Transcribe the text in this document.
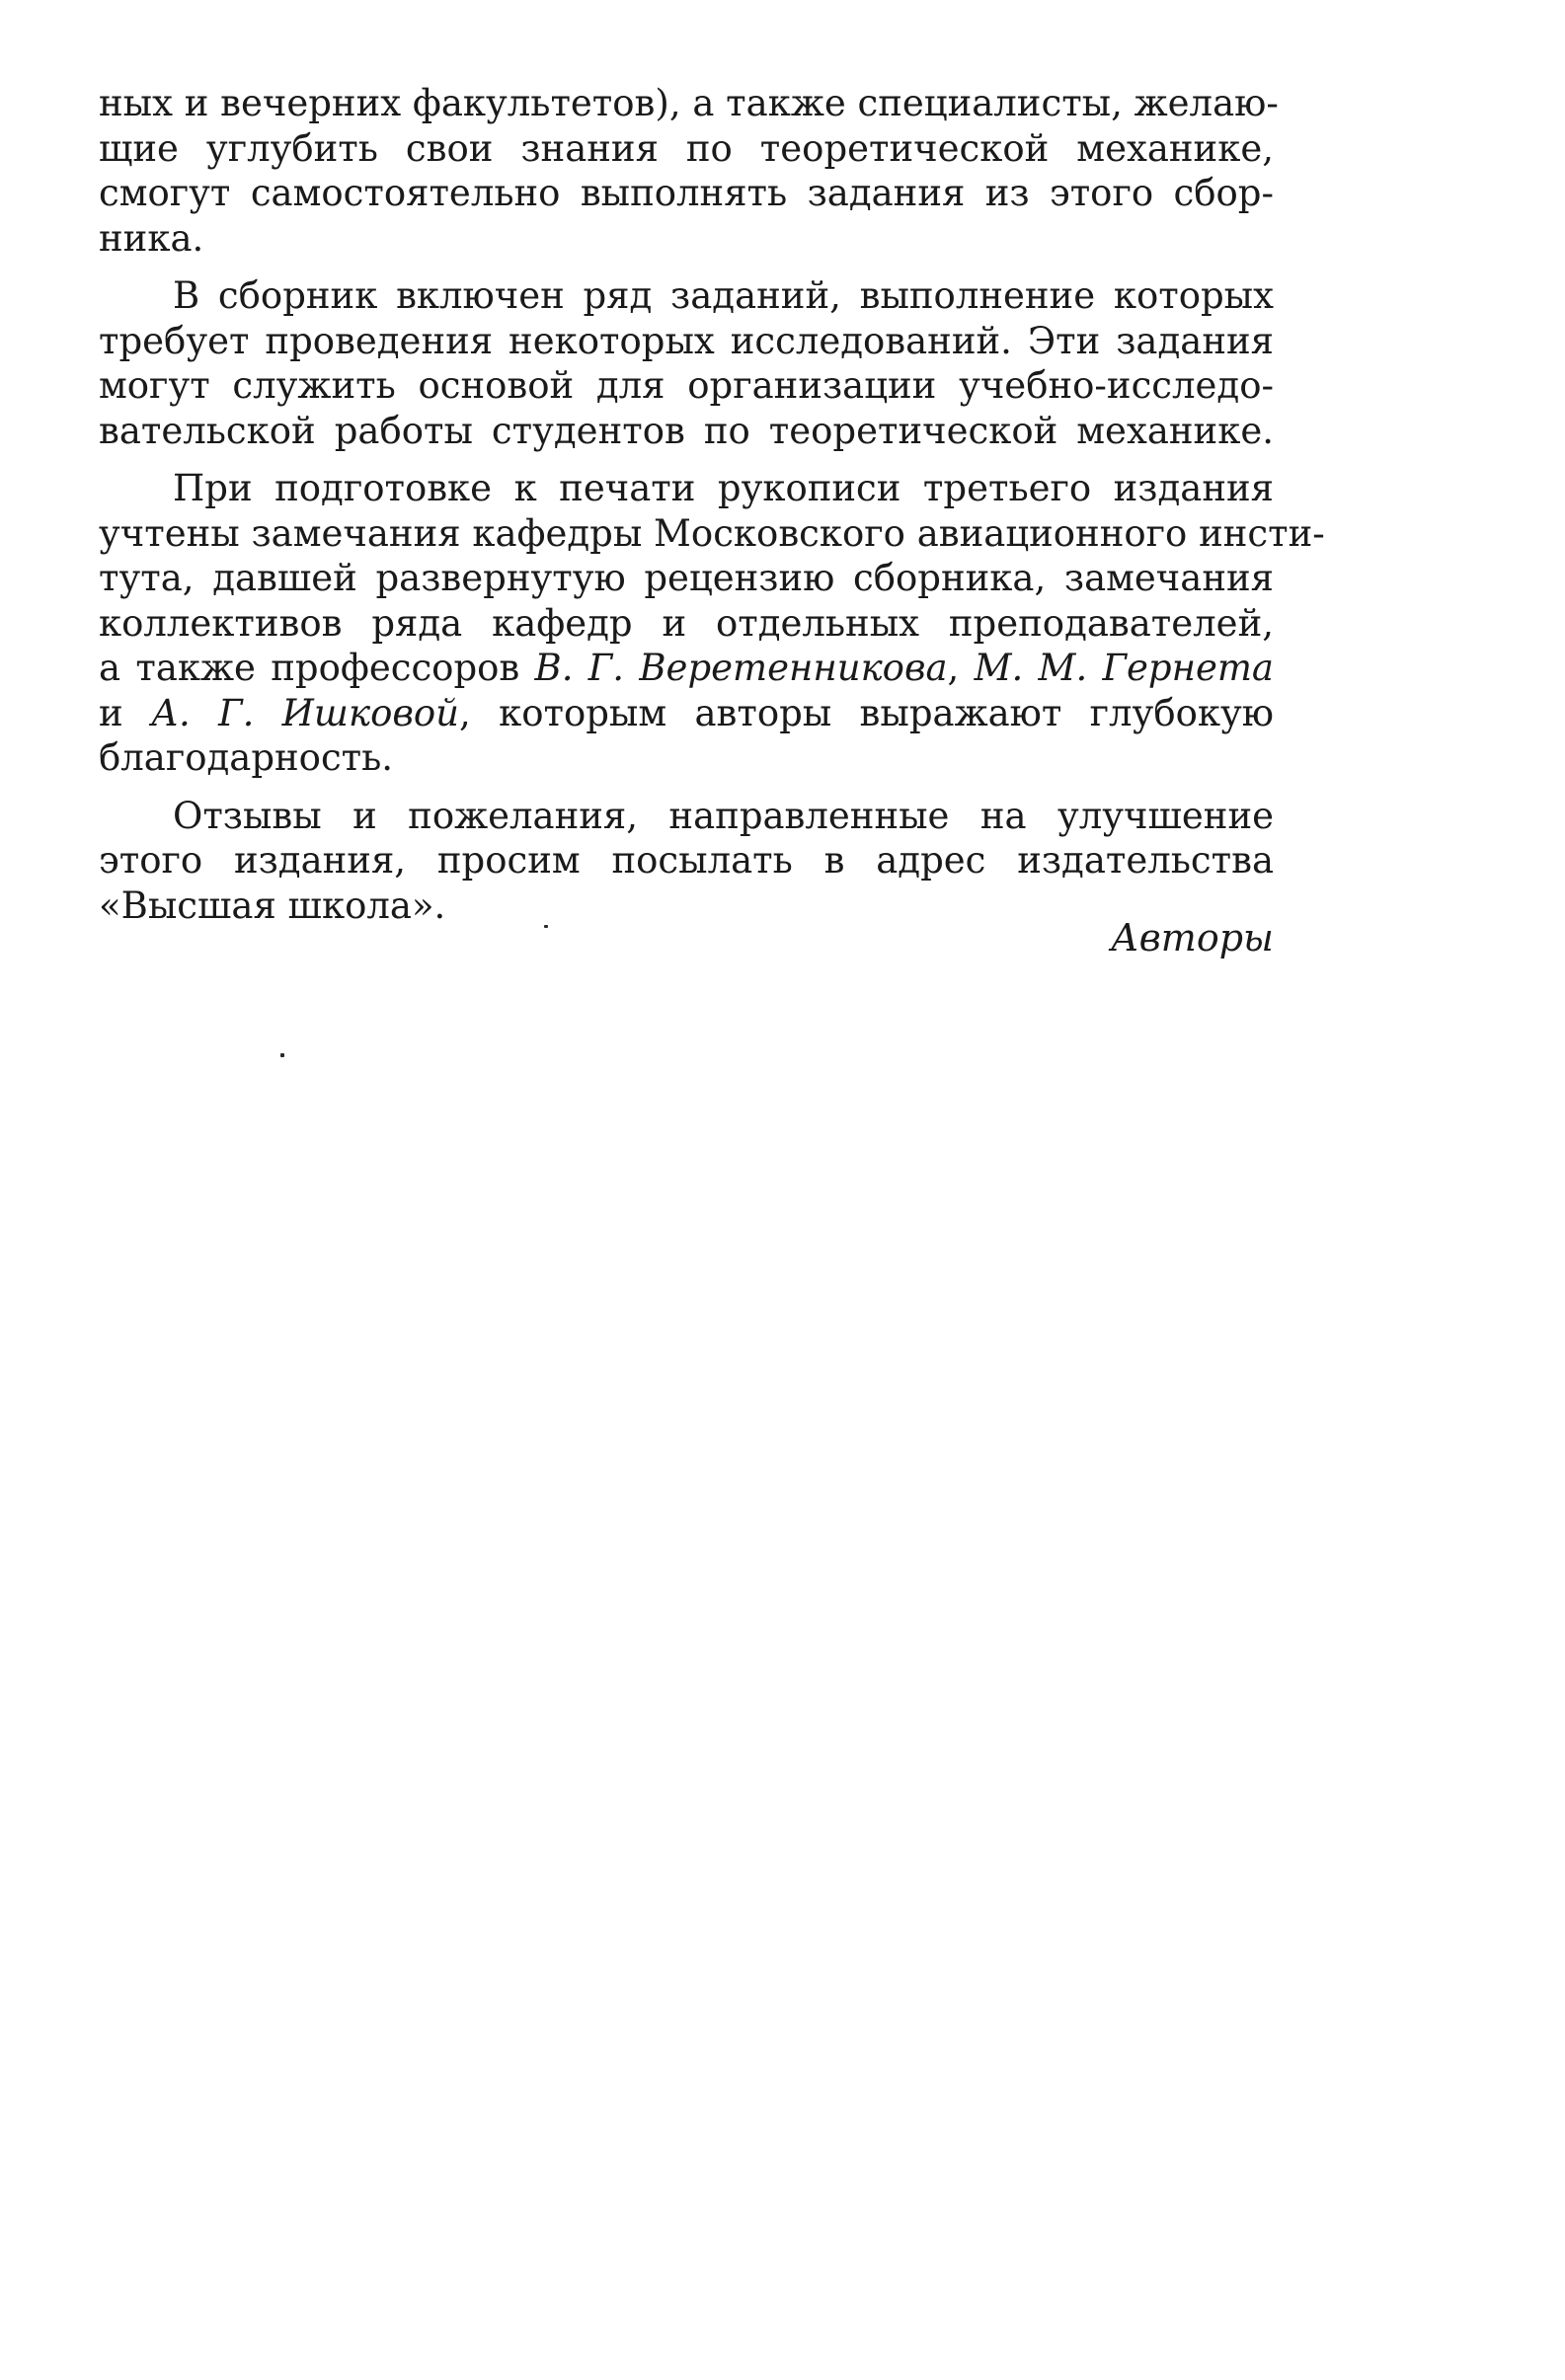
ных и вечерних факультетов), а также специалисты, желаю-
щие углубить свои знания по теоретической механике,
смогут самостоятельно выполнять задания из этого сбор-
ника.

В сборник включен ряд заданий, выполнение которых
требует проведения некоторых исследований. Эти задания
могут служить основой для организации учебно-исследо-
вательской работы студентов по теоретической механике.

При подготовке к печати рукописи третьего издания
учтены замечания кафедры Московского авиационного инсти-
тута, давшей развернутую рецензию сборника, замечания
коллективов ряда кафедр и отдельных преподавателей,
а также профессоров В. Г. Веретенникова, М. М. Гернета
и А. Г. Ишковой, которым авторы выражают глубокую
благодарность.

Отзывы и пожелания, направленные на улучшение
этого издания, просим посылать в адрес издательства
«Высшая школа».

Авторы
